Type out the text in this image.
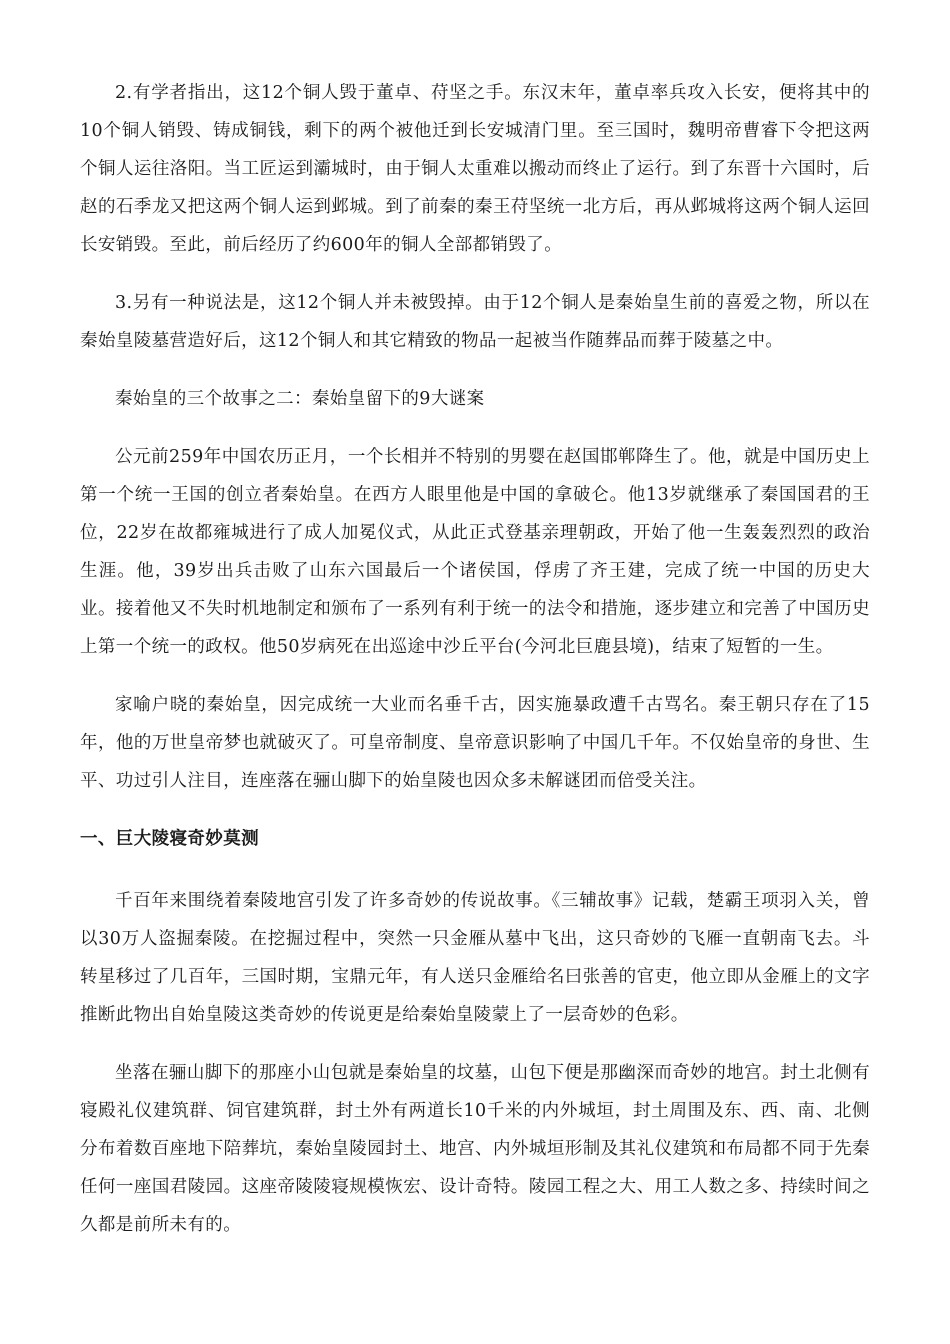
2.有学者指出，这12个铜人毁于董卓、苻坚之手。东汉末年，董卓率兵攻入长安，便将其中的10个铜人销毁、铸成铜钱，剩下的两个被他迁到长安城清门里。至三国时，魏明帝曹睿下令把这两个铜人运往洛阳。当工匠运到灞城时，由于铜人太重难以搬动而终止了运行。到了东晋十六国时，后赵的石季龙又把这两个铜人运到邺城。到了前秦的秦王苻坚统一北方后，再从邺城将这两个铜人运回长安销毁。至此，前后经历了约600年的铜人全部都销毁了。

3.另有一种说法是，这12个铜人并未被毁掉。由于12个铜人是秦始皇生前的喜爱之物，所以在秦始皇陵墓营造好后，这12个铜人和其它精致的物品一起被当作随葬品而葬于陵墓之中。

秦始皇的三个故事之二：秦始皇留下的9大谜案

公元前259年中国农历正月，一个长相并不特别的男婴在赵国邯郸降生了。他，就是中国历史上第一个统一王国的创立者秦始皇。在西方人眼里他是中国的拿破仑。他13岁就继承了秦国国君的王位，22岁在故都雍城进行了成人加冕仪式，从此正式登基亲理朝政，开始了他一生轰轰烈烈的政治生涯。他，39岁出兵击败了山东六国最后一个诸侯国，俘虏了齐王建，完成了统一中国的历史大业。接着他又不失时机地制定和颁布了一系列有利于统一的法令和措施，逐步建立和完善了中国历史上第一个统一的政权。他50岁病死在出巡途中沙丘平台(今河北巨鹿县境)，结束了短暂的一生。

家喻户晓的秦始皇，因完成统一大业而名垂千古，因实施暴政遭千古骂名。秦王朝只存在了15年，他的万世皇帝梦也就破灭了。可皇帝制度、皇帝意识影响了中国几千年。不仅始皇帝的身世、生平、功过引人注目，连座落在骊山脚下的始皇陵也因众多未解谜团而倍受关注。

一、巨大陵寝奇妙莫测

千百年来围绕着秦陵地宫引发了许多奇妙的传说故事。《三辅故事》记载，楚霸王项羽入关，曾以30万人盗掘秦陵。在挖掘过程中，突然一只金雁从墓中飞出，这只奇妙的飞雁一直朝南飞去。斗转星移过了几百年，三国时期，宝鼎元年，有人送只金雁给名曰张善的官吏，他立即从金雁上的文字推断此物出自始皇陵这类奇妙的传说更是给秦始皇陵蒙上了一层奇妙的色彩。

坐落在骊山脚下的那座小山包就是秦始皇的坟墓，山包下便是那幽深而奇妙的地宫。封土北侧有寝殿礼仪建筑群、饲官建筑群，封土外有两道长10千米的内外城垣，封土周围及东、西、南、北侧分布着数百座地下陪葬坑，秦始皇陵园封土、地宫、内外城垣形制及其礼仪建筑和布局都不同于先秦任何一座国君陵园。这座帝陵陵寝规模恢宏、设计奇特。陵园工程之大、用工人数之多、持续时间之久都是前所未有的。
